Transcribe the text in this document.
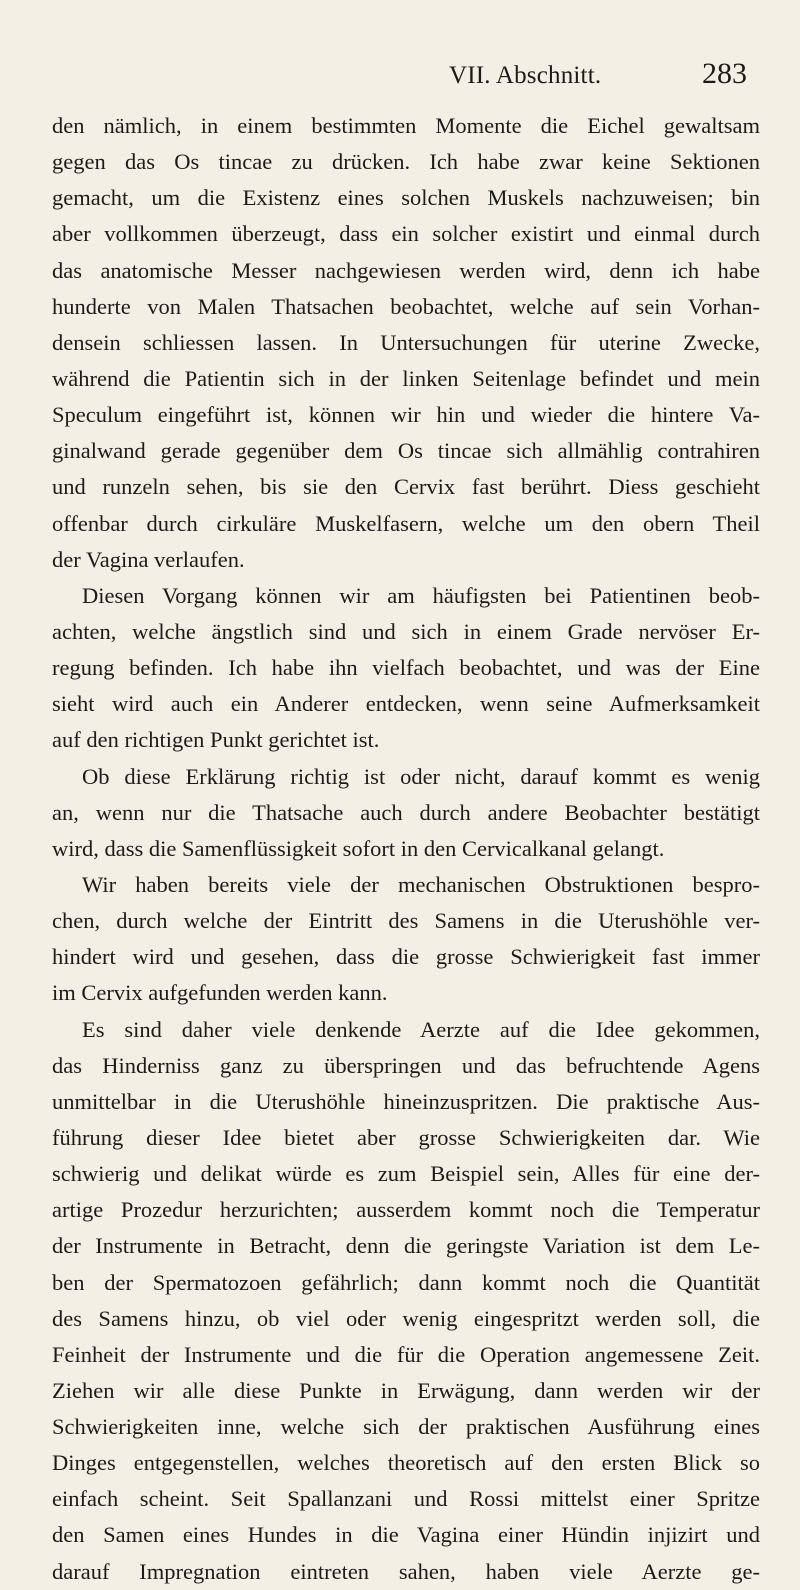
VII. Abschnitt.	283
den nämlich, in einem bestimmten Momente die Eichel gewaltsam
gegen das Os tincae zu drücken. Ich habe zwar keine Sektionen
gemacht, um die Existenz eines solchen Muskels nachzuweisen; bin
aber vollkommen überzeugt, dass ein solcher existirt und einmal durch
das anatomische Messer nachgewiesen werden wird, denn ich habe
hunderte von Malen Thatsachen beobachtet, welche auf sein Vorhan-
densein schliessen lassen. In Untersuchungen für uterine Zwecke,
während die Patientin sich in der linken Seitenlage befindet und mein
Speculum eingeführt ist, können wir hin und wieder die hintere Va-
ginalwand gerade gegenüber dem Os tincae sich allmählig contrahiren
und runzeln sehen, bis sie den Cervix fast berührt. Diess geschieht
offenbar durch cirkuläre Muskelfasern, welche um den obern Theil
der Vagina verlaufen.
Diesen Vorgang können wir am häufigsten bei Patientinen beob-
achten, welche ängstlich sind und sich in einem Grade nervöser Er-
regung befinden. Ich habe ihn vielfach beobachtet, und was der Eine
sieht wird auch ein Anderer entdecken, wenn seine Aufmerksamkeit
auf den richtigen Punkt gerichtet ist.
Ob diese Erklärung richtig ist oder nicht, darauf kommt es wenig
an, wenn nur die Thatsache auch durch andere Beobachter bestätigt
wird, dass die Samenflüssigkeit sofort in den Cervicalkanal gelangt.
Wir haben bereits viele der mechanischen Obstruktionen bespro-
chen, durch welche der Eintritt des Samens in die Uterushöhle ver-
hindert wird und gesehen, dass die grosse Schwierigkeit fast immer
im Cervix aufgefunden werden kann.
Es sind daher viele denkende Aerzte auf die Idee gekommen,
das Hinderniss ganz zu überspringen und das befruchtende Agens
unmittelbar in die Uterushöhle hineinzuspritzen. Die praktische Aus-
führung dieser Idee bietet aber grosse Schwierigkeiten dar. Wie
schwierig und delikat würde es zum Beispiel sein, Alles für eine der-
artige Prozedur herzurichten; ausserdem kommt noch die Temperatur
der Instrumente in Betracht, denn die geringste Variation ist dem Le-
ben der Spermatozoen gefährlich; dann kommt noch die Quantität
des Samens hinzu, ob viel oder wenig eingespritzt werden soll, die
Feinheit der Instrumente und die für die Operation angemessene Zeit.
Ziehen wir alle diese Punkte in Erwägung, dann werden wir der
Schwierigkeiten inne, welche sich der praktischen Ausführung eines
Dinges entgegenstellen, welches theoretisch auf den ersten Blick so
einfach scheint. Seit Spallanzani und Rossi mittelst einer Spritze
den Samen eines Hundes in die Vagina einer Hündin injizirt und
darauf Impregnation eintreten sahen, haben viele Aerzte ge-
